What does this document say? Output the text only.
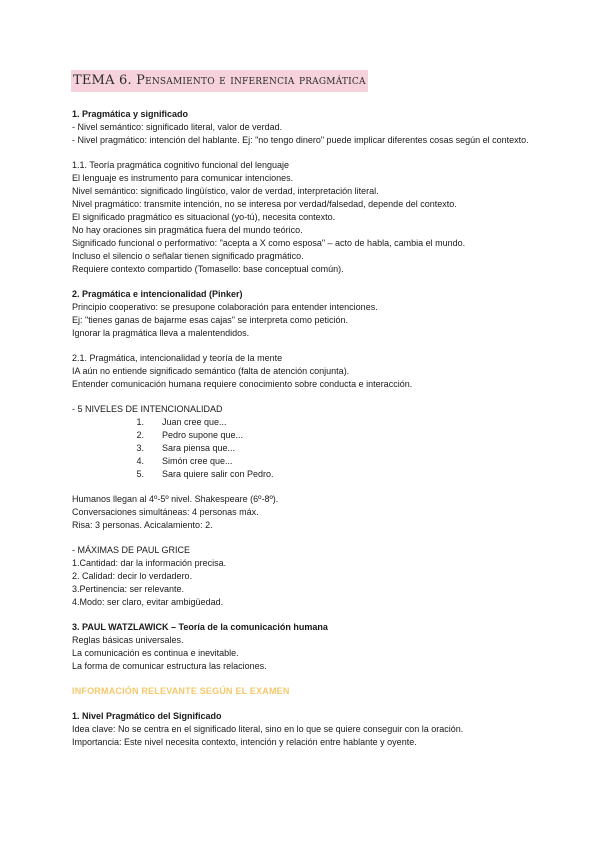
TEMA 6. Pensamiento e inferencia pragmática
1. Pragmática y significado
- Nivel semántico: significado literal, valor de verdad.
- Nivel pragmático: intención del hablante. Ej: "no tengo dinero" puede implicar diferentes cosas según el contexto.
1.1. Teoría pragmática cognitivo funcional del lenguaje
El lenguaje es instrumento para comunicar intenciones.
Nivel semántico: significado lingüístico, valor de verdad, interpretación literal.
Nivel pragmático: transmite intención, no se interesa por verdad/falsedad, depende del contexto.
El significado pragmático es situacional (yo-tú), necesita contexto.
No hay oraciones sin pragmática fuera del mundo teórico.
Significado funcional o performativo: "acepta a X como esposa" – acto de habla, cambia el mundo.
Incluso el silencio o señalar tienen significado pragmático.
Requiere contexto compartido (Tomasello: base conceptual común).
2. Pragmática e intencionalidad (Pinker)
Principio cooperativo: se presupone colaboración para entender intenciones.
Ej: "tienes ganas de bajarme esas cajas" se interpreta como petición.
Ignorar la pragmática lleva a malentendidos.
2.1. Pragmática, intencionalidad y teoría de la mente
IA aún no entiende significado semántico (falta de atención conjunta).
Entender comunicación humana requiere conocimiento sobre conducta e interacción.
- 5 NIVELES DE INTENCIONALIDAD
1.	Juan cree que...
2.	Pedro supone que...
3.	Sara piensa que...
4.	Simón cree que...
5.	Sara quiere salir con Pedro.
Humanos llegan al 4º-5º nivel. Shakespeare (6º-8º).
Conversaciones simultáneas: 4 personas máx.
Risa: 3 personas. Acicalamiento: 2.
- MÁXIMAS DE PAUL GRICE
1.Cantidad: dar la información precisa.
2. Calidad: decir lo verdadero.
3.Pertinencia: ser relevante.
4.Modo: ser claro, evitar ambigüedad.
3. PAUL WATZLAWICK – Teoría de la comunicación humana
Reglas básicas universales.
La comunicación es continua e inevitable.
La forma de comunicar estructura las relaciones.
INFORMACIÓN RELEVANTE SEGÚN EL EXAMEN
1. Nivel Pragmático del Significado
Idea clave: No se centra en el significado literal, sino en lo que se quiere conseguir con la oración.
Importancia: Este nivel necesita contexto, intención y relación entre hablante y oyente.
